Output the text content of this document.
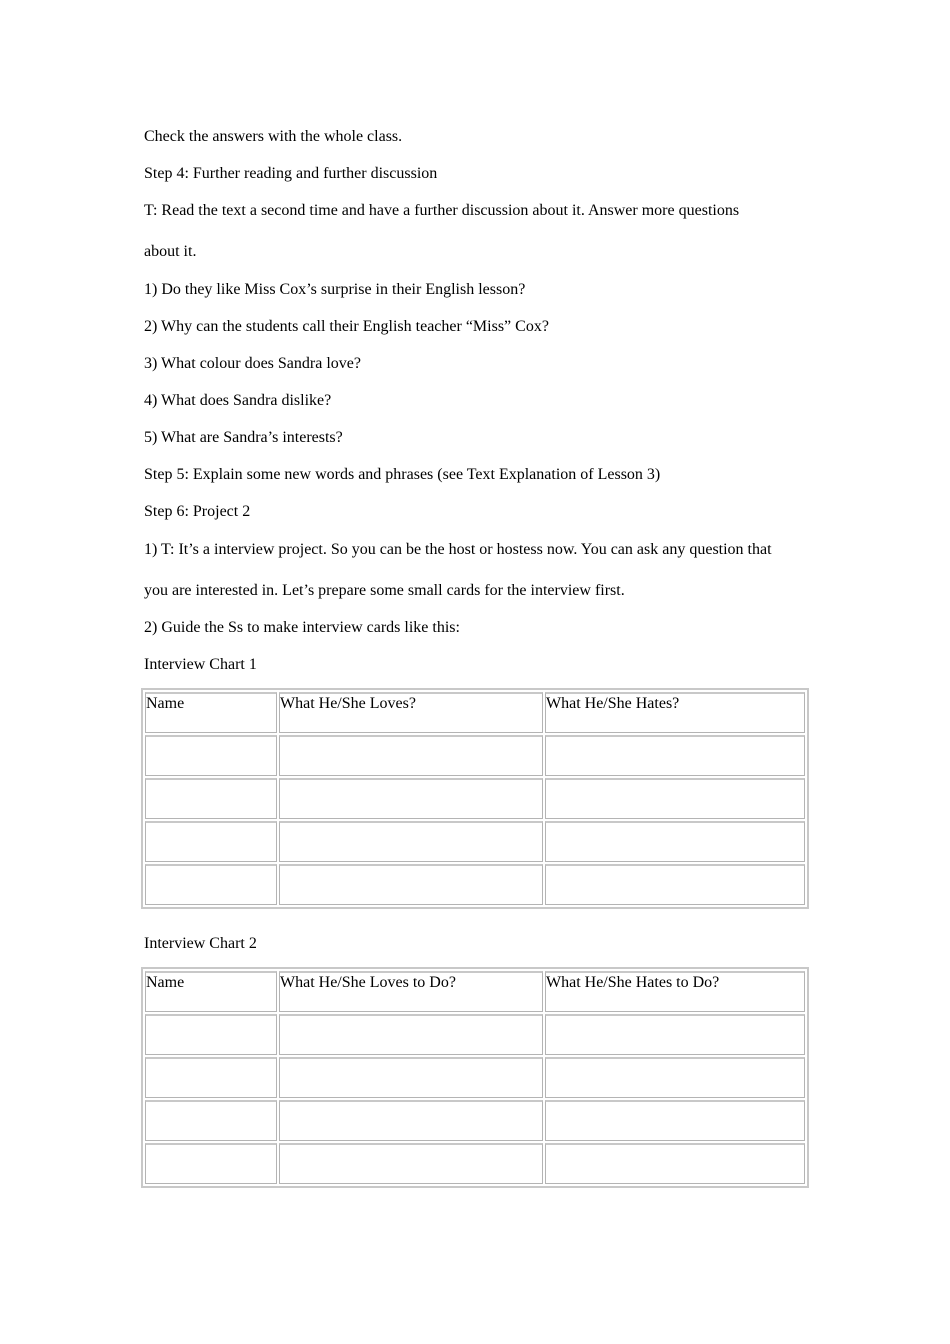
Check the answers with the whole class.
Step 4: Further reading and further discussion
T: Read the text a second time and have a further discussion about it. Answer more questions
about it.
1) Do they like Miss Cox’s surprise in their English lesson?
2) Why can the students call their English teacher “Miss” Cox?
3) What colour does Sandra love?
4) What does Sandra dislike?
5) What are Sandra’s interests?
Step 5: Explain some new words and phrases (see Text Explanation of Lesson 3)
Step 6: Project 2
1) T: It’s a interview project. So you can be the host or hostess now. You can ask any question that
you are interested in. Let’s prepare some small cards for the interview first.
2) Guide the Ss to make interview cards like this:
Interview Chart 1
Name	What He/She Loves?	What He/She Hates?

Interview Chart 2
Name	What He/She Loves to Do?	What He/She Hates to Do?
